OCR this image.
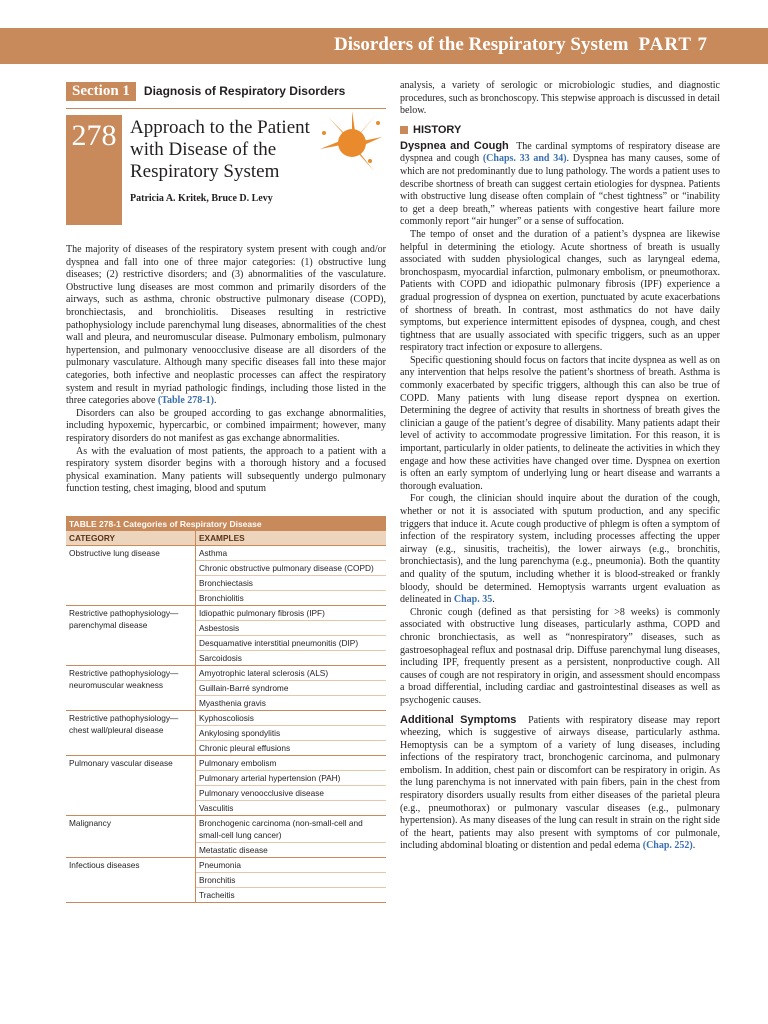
Disorders of the Respiratory System PART 7
Section 1	Diagnosis of Respiratory Disorders
278 Approach to the Patient with Disease of the Respiratory System
Patricia A. Kritek, Bruce D. Levy

The majority of diseases of the respiratory system present with cough and/or dyspnea and fall into one of three major categories: (1) obstructive lung diseases; (2) restrictive disorders; and (3) abnormalities of the vasculature. Obstructive lung diseases are most common and primarily disorders of the airways, such as asthma, chronic obstructive pulmonary disease (COPD), bronchiectasis, and bronchiolitis. Diseases resulting in restrictive pathophysiology include parenchymal lung diseases, abnormalities of the chest wall and pleura, and neuromuscular disease. Pulmonary embolism, pulmonary hypertension, and pulmonary venoocclusive disease are all disorders of the pulmonary vasculature. Although many specific diseases fall into these major categories, both infective and neoplastic processes can affect the respiratory system and result in myriad pathologic findings, including those listed in the three categories above (Table 278-1).

Disorders can also be grouped according to gas exchange abnormalities, including hypoxemic, hypercarbic, or combined impairment; however, many respiratory disorders do not manifest as gas exchange abnormalities.

As with the evaluation of most patients, the approach to a patient with a respiratory system disorder begins with a thorough history and a focused physical examination. Many patients will subsequently undergo pulmonary function testing, chest imaging, blood and sputum

TABLE 278-1 Categories of Respiratory Disease
CATEGORY	EXAMPLES
Obstructive lung disease	Asthma
Chronic obstructive pulmonary disease (COPD)
Bronchiectasis
Bronchiolitis
Restrictive pathophysiology—parenchymal disease
Idiopathic pulmonary fibrosis (IPF)
Asbestosis
Desquamative interstitial pneumonitis (DIP)
Sarcoidosis
Restrictive pathophysiology—neuromuscular weakness
Amyotrophic lateral sclerosis (ALS)
Guillain-Barré syndrome
Myasthenia gravis
Restrictive pathophysiology—chest wall/pleural disease
Kyphoscoliosis
Ankylosing spondylitis
Chronic pleural effusions
Pulmonary vascular disease	Pulmonary embolism
Pulmonary arterial hypertension (PAH)
Pulmonary venoocclusive disease
Vasculitis
Malignancy	Bronchogenic carcinoma (non-small-cell and small-cell lung cancer)
Metastatic disease
Infectious diseases	Pneumonia
Bronchitis
Tracheitis

analysis, a variety of serologic or microbiologic studies, and diagnostic procedures, such as bronchoscopy. This stepwise approach is discussed in detail below.

HISTORY

Dyspnea and Cough The cardinal symptoms of respiratory disease are dyspnea and cough (Chaps. 33 and 34). Dyspnea has many causes, some of which are not predominantly due to lung pathology. The words a patient uses to describe shortness of breath can suggest certain etiologies for dyspnea. Patients with obstructive lung disease often complain of “chest tightness” or “inability to get a deep breath,” whereas patients with congestive heart failure more commonly report “air hunger” or a sense of suffocation.

The tempo of onset and the duration of a patient’s dyspnea are likewise helpful in determining the etiology. Acute shortness of breath is usually associated with sudden physiological changes, such as laryngeal edema, bronchospasm, myocardial infarction, pulmonary embolism, or pneumothorax. Patients with COPD and idiopathic pulmonary fibrosis (IPF) experience a gradual progression of dyspnea on exertion, punctuated by acute exacerbations of shortness of breath. In contrast, most asthmatics do not have daily symptoms, but experience intermittent episodes of dyspnea, cough, and chest tightness that are usually associated with specific triggers, such as an upper respiratory tract infection or exposure to allergens.

Specific questioning should focus on factors that incite dyspnea as well as on any intervention that helps resolve the patient’s shortness of breath. Asthma is commonly exacerbated by specific triggers, although this can also be true of COPD. Many patients with lung disease report dyspnea on exertion. Determining the degree of activity that results in shortness of breath gives the clinician a gauge of the patient’s degree of disability. Many patients adapt their level of activity to accommodate progressive limitation. For this reason, it is important, particularly in older patients, to delineate the activities in which they engage and how these activities have changed over time. Dyspnea on exertion is often an early symptom of underlying lung or heart disease and warrants a thorough evaluation.

For cough, the clinician should inquire about the duration of the cough, whether or not it is associated with sputum production, and any specific triggers that induce it. Acute cough productive of phlegm is often a symptom of infection of the respiratory system, including processes affecting the upper airway (e.g., sinusitis, tracheitis), the lower airways (e.g., bronchitis, bronchiectasis), and the lung parenchyma (e.g., pneumonia). Both the quantity and quality of the sputum, including whether it is blood-streaked or frankly bloody, should be determined. Hemoptysis warrants urgent evaluation as delineated in Chap. 35.

Chronic cough (defined as that persisting for >8 weeks) is commonly associated with obstructive lung diseases, particularly asthma, COPD and chronic bronchiectasis, as well as “nonrespiratory” diseases, such as gastroesophageal reflux and postnasal drip. Diffuse parenchymal lung diseases, including IPF, frequently present as a persistent, nonproductive cough. All causes of cough are not respiratory in origin, and assessment should encompass a broad differential, including cardiac and gastrointestinal diseases as well as psychogenic causes.

Additional Symptoms Patients with respiratory disease may report wheezing, which is suggestive of airways disease, particularly asthma. Hemoptysis can be a symptom of a variety of lung diseases, including infections of the respiratory tract, bronchogenic carcinoma, and pulmonary embolism. In addition, chest pain or discomfort can be respiratory in origin. As the lung parenchyma is not innervated with pain fibers, pain in the chest from respiratory disorders usually results from either diseases of the parietal pleura (e.g., pneumothorax) or pulmonary vascular diseases (e.g., pulmonary hypertension). As many diseases of the lung can result in strain on the right side of the heart, patients may also present with symptoms of cor pulmonale, including abdominal bloating or distention and pedal edema (Chap. 252).
